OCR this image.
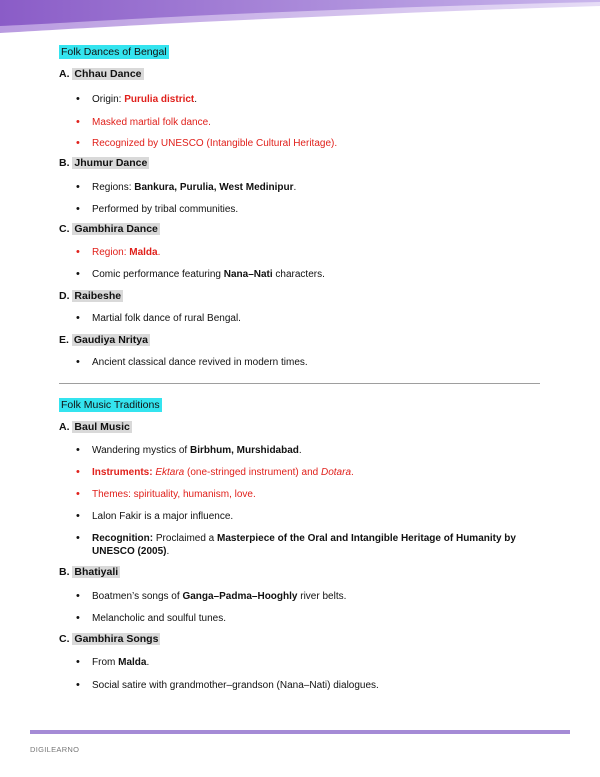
Folk Dances of Bengal
A. Chhau Dance
• Origin: Purulia district.
• Masked martial folk dance.
• Recognized by UNESCO (Intangible Cultural Heritage).
B. Jhumur Dance
• Regions: Bankura, Purulia, West Medinipur.
• Performed by tribal communities.
C. Gambhira Dance
• Region: Malda.
• Comic performance featuring Nana–Nati characters.
D. Raibeshe
• Martial folk dance of rural Bengal.
E. Gaudiya Nritya
• Ancient classical dance revived in modern times.
Folk Music Traditions
A. Baul Music
• Wandering mystics of Birbhum, Murshidabad.
• Instruments: Ektara (one-stringed instrument) and Dotara.
• Themes: spirituality, humanism, love.
• Lalon Fakir is a major influence.
• Recognition: Proclaimed a Masterpiece of the Oral and Intangible Heritage of Humanity by UNESCO (2005).
B. Bhatiyali
• Boatmen’s songs of Ganga–Padma–Hooghly river belts.
• Melancholic and soulful tunes.
C. Gambhira Songs
• From Malda.
• Social satire with grandmother–grandson (Nana–Nati) dialogues.
DIGILEARNO
